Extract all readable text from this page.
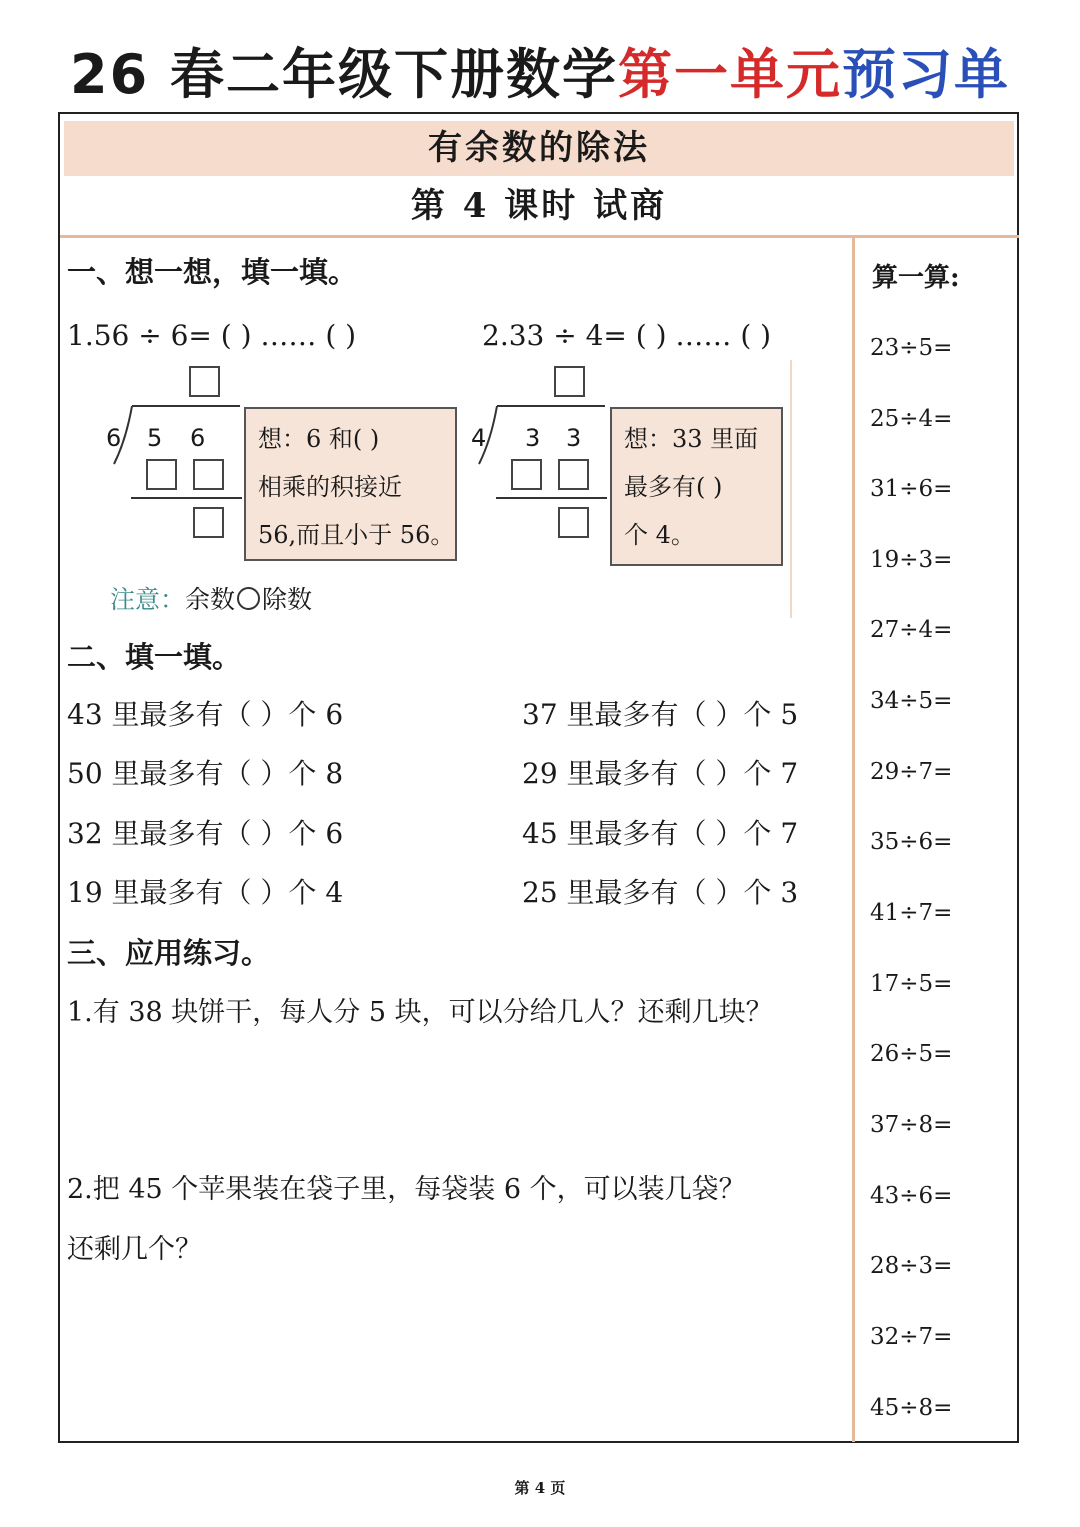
26 春二年级下册数学第一单元预习单
有余数的除法
第 4 课时 试商
一、想一想，填一填。
1.56 ÷ 6= ( ) …… ( )	2.33 ÷ 4= ( ) …… ( )
6 5 6 想：6 和( )
相乘的积接近
56,而且小于 56。
4 3 3 想：33 里面
最多有( )
个 4。
注意：余数 除数
二、填一填。
43 里最多有（ ）个 6	37 里最多有（ ）个 5
50 里最多有（ ）个 8	29 里最多有（ ）个 7
32 里最多有（ ）个 6	45 里最多有（ ）个 7
19 里最多有（ ）个 4	25 里最多有（ ）个 3
三、应用练习。
1.有 38 块饼干，每人分 5 块，可以分给几人？还剩几块？
2.把 45 个苹果装在袋子里，每袋装 6 个，可以装几袋？
还剩几个？
算一算:
23÷5=
25÷4=
31÷6=
19÷3=
27÷4=
34÷5=
29÷7=
35÷6=
41÷7=
17÷5=
26÷5=
37÷8=
43÷6=
28÷3=
32÷7=
45÷8=
第 4 页
